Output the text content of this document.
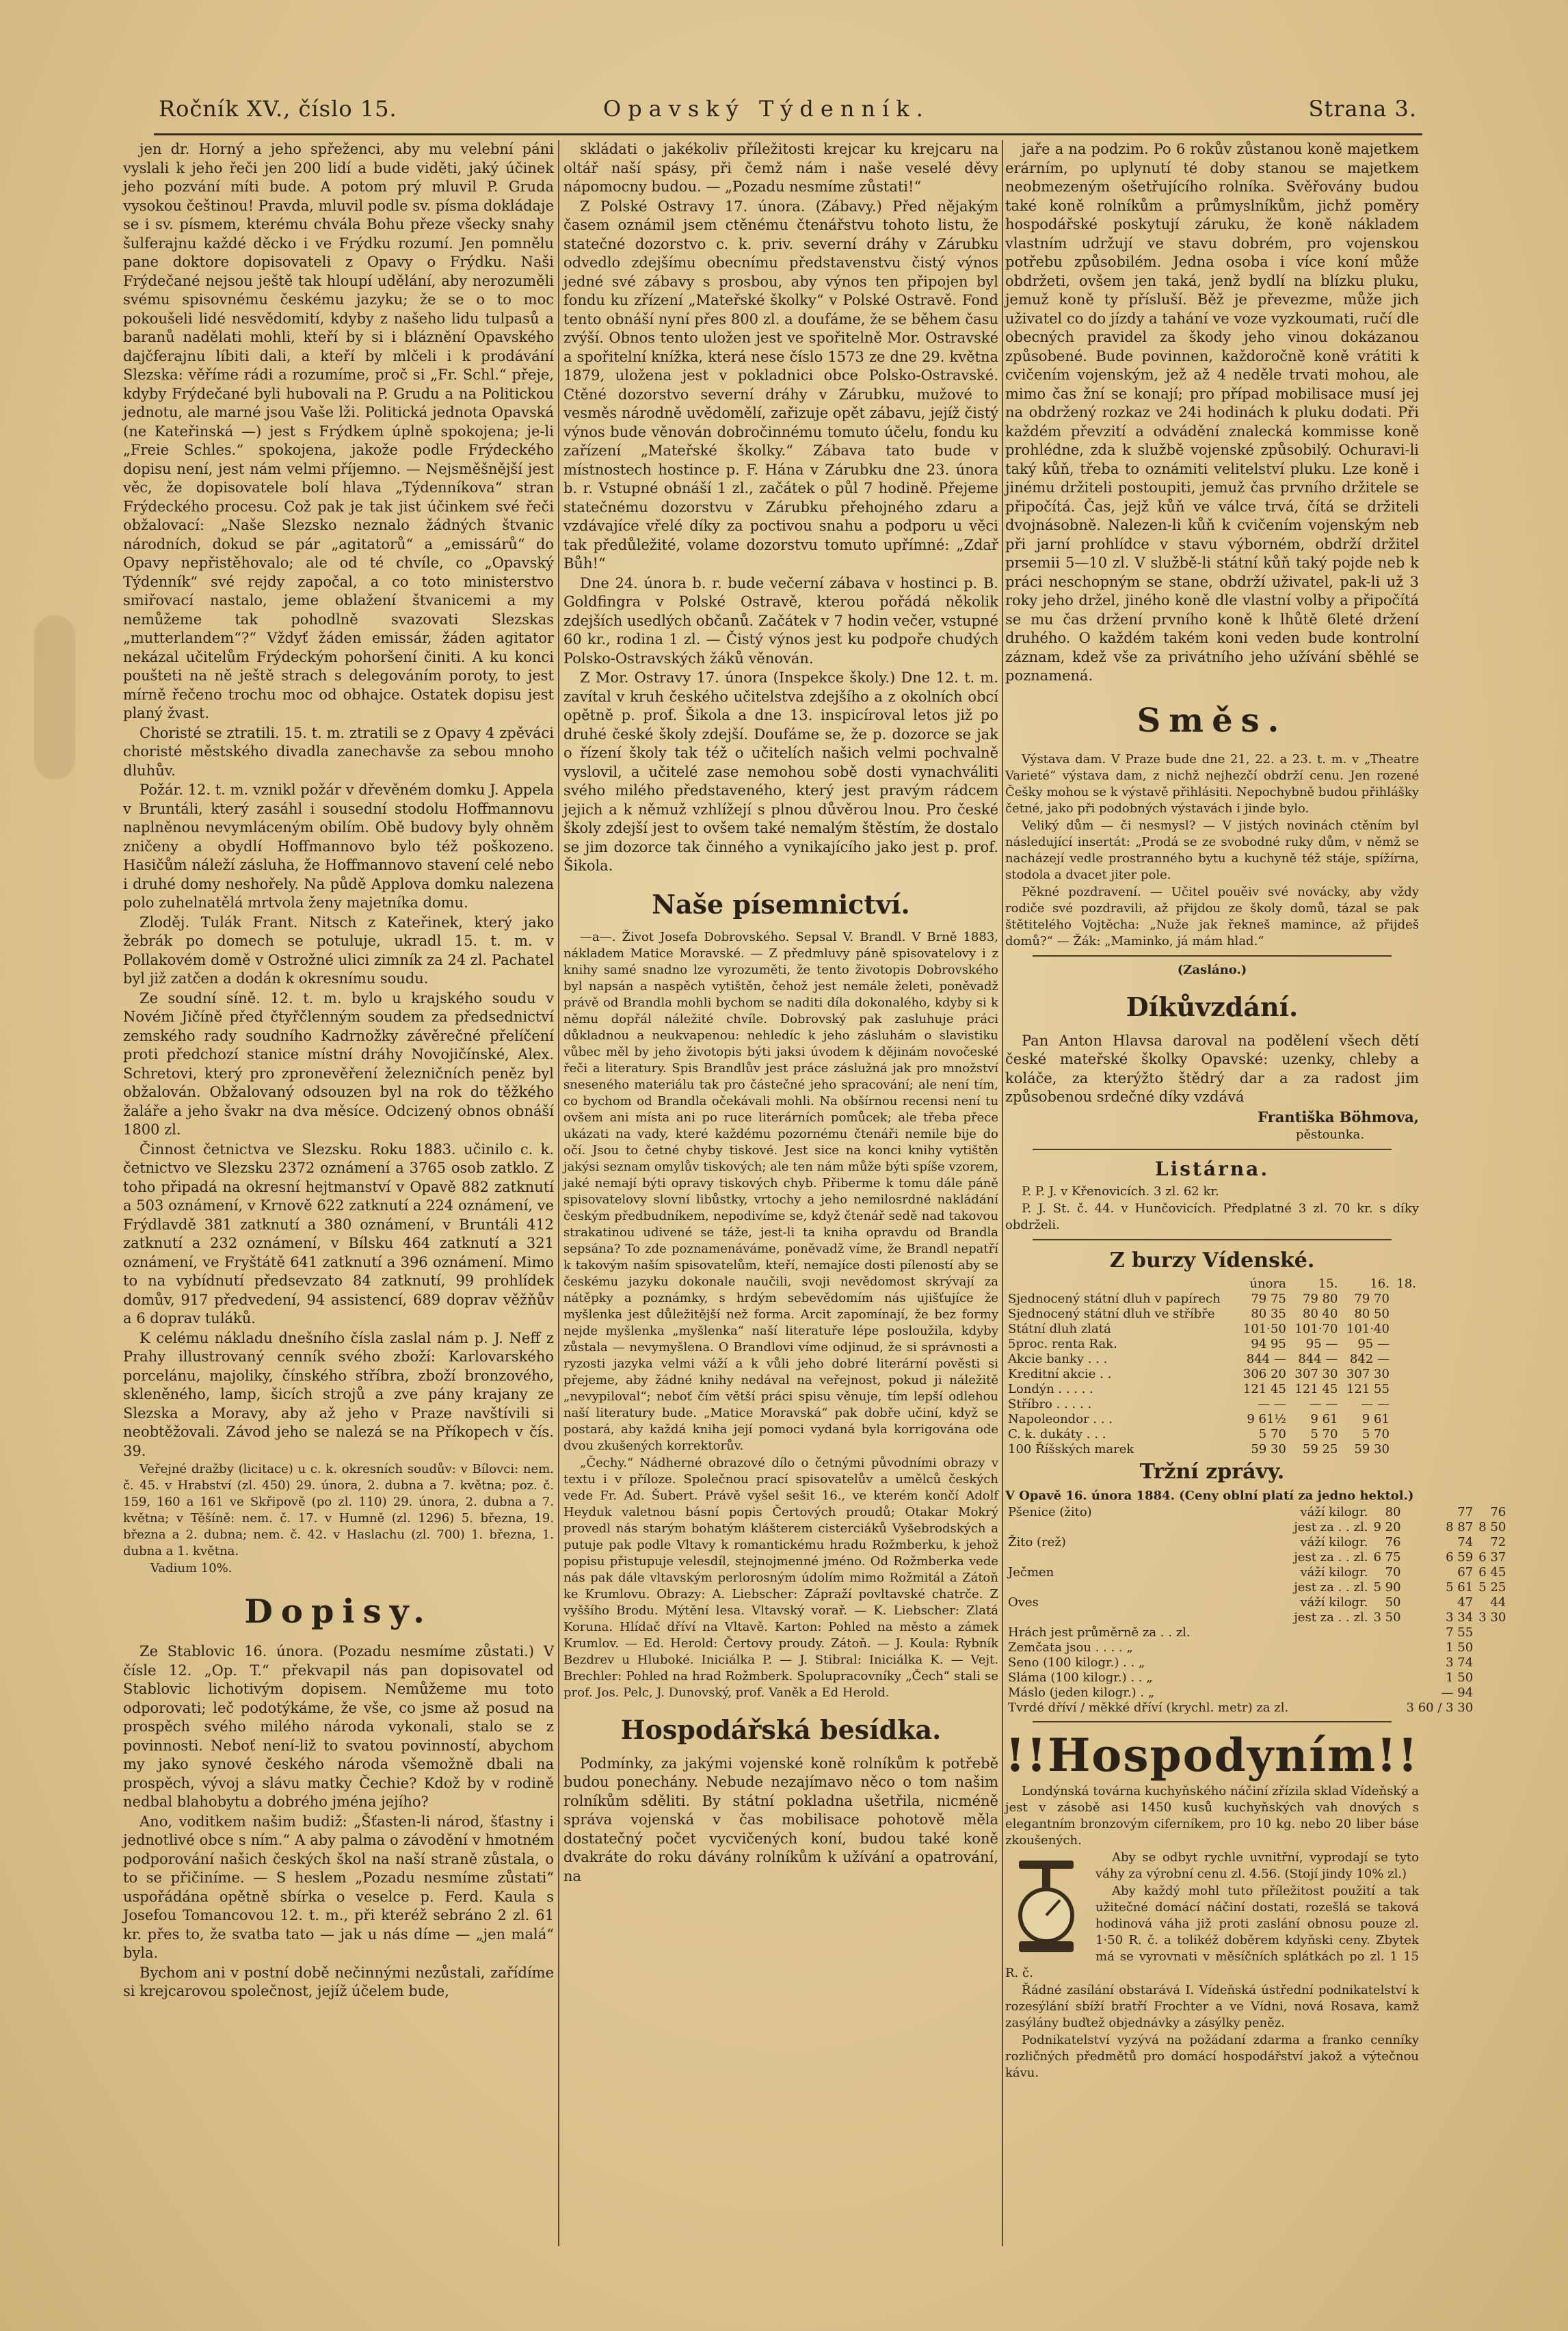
Ročník XV., číslo 15.	Opavský Týdenník.	Strana 3.

jen dr. Horný a jeho spřeženci, aby mu velební páni vyslali k jeho řeči jen 200 lidí a bude viděti, jaký účinek jeho pozvání míti bude. A potom prý mluvil P. Gruda vysokou češtinou! Pravda, mluvil podle sv. písma dokládaje se i sv. písmem, kterému chvála Bohu přeze všecky snahy šulferajnu každé děcko i ve Frýdku rozumí. Jen pomnělu pane doktore dopisovateli z Opavy o Frýdku. Naši Frýdečané nejsou ještě tak hloupí udělání, aby nerozuměli svému spisovnému českému jazyku; že se o to moc pokoušeli lidé nesvědomití, kdyby z našeho lidu tulpasů a baranů nadělati mohli, kteří by si i bláznění Opavského dajčferajnu líbiti dali, a kteří by mlčeli i k prodávání Slezska: věříme rádi a rozumíme, proč si „Fr. Schl.“ přeje, kdyby Frýdečané byli hubovali na P. Grudu a na Politickou jednotu, ale marné jsou Vaše lži. Politická jednota Opavská (ne Kateřinská —) jest s Frýdkem úplně spokojena; je-li „Freie Schles.“ spokojena, jakože podle Frýdeckého dopisu není, jest nám velmi příjemno. — Nejsměšnější jest věc, že dopisovatele bolí hlava „Týdenníkova“ stran Frýdeckého procesu. Což pak je tak jist účinkem své řeči obžalovací: „Naše Slezsko neznalo žádných štvanic národních, dokud se pár „agitatorů“ a „emissárů“ do Opavy nepřistěhovalo; ale od té chvíle, co „Opavský Týdenník“ své rejdy započal, a co toto ministerstvo smiřovací nastalo, jeme oblažení štvanicemi a my nemůžeme tak pohodlně svazovati Slezskas „mutterlandem“?“ Vždyť žáden emissár, žáden agitator nekázal učitelům Frýdeckým pohoršení činiti. A ku konci poušteti na ně ještě strach s delegováním poroty, to jest mírně řečeno trochu moc od obhajce. Ostatek dopisu jest planý žvast.

Choristé se ztratili. 15. t. m. ztratili se z Opavy 4 zpěváci choristé městského divadla zanechavše za sebou mnoho dluhův.

Požár. 12. t. m. vznikl požár v dřevěném domku J. Appela v Bruntáli, který zasáhl i sousední stodolu Hoffmannovu naplněnou nevymláceným obilím. Obě budovy byly ohněm zničeny a obydlí Hoffmannovo bylo též poškozeno. Hasičům náleží zásluha, že Hoffmannovo stavení celé nebo i druhé domy neshořely. Na půdě Applova domku nalezena polo zuhelnatělá mrtvola ženy majetníka domu.

Zloděj. Tulák Frant. Nitsch z Kateřinek, který jako žebrák po domech se potuluje, ukradl 15. t. m. v Pollakovém domě v Ostrožné ulici zimník za 24 zl. Pachatel byl již zatčen a dodán k okresnímu soudu.

Ze soudní síně. 12. t. m. bylo u krajského soudu v Novém Jičíně před čtyřčlenným soudem za předsednictví zemského rady soudního Kadrnožky závěrečné přelíčení proti předchozí stanice místní dráhy Novojičínské, Alex. Schretovi, který pro zpronevěření železničních peněz byl obžalován. Obžalovaný odsouzen byl na rok do těžkého žaláře a jeho švakr na dva měsíce. Odcizený obnos obnáší 1800 zl.

Činnost četnictva ve Slezsku. Roku 1883. učinilo c. k. četnictvo ve Slezsku 2372 oznámení a 3765 osob zatklo. Z toho připadá na okresní hejtmanství v Opavě 882 zatknutí a 503 oznámení, v Krnově 622 zatknutí a 224 oznámení, ve Frýdlavdě 381 zatknutí a 380 oznámení, v Bruntáli 412 zatknutí a 232 oznámení, v Bílsku 464 zatknutí a 321 oznámení, ve Fryštátě 641 zatknutí a 396 oznámení. Mimo to na vybídnutí předsevzato 84 zatknutí, 99 prohlídek domův, 917 předvedení, 94 assistencí, 689 doprav věžňův a 6 doprav tuláků.

K celému nákladu dnešního čísla zaslal nám p. J. Neff z Prahy illustrovaný cenník svého zboží: Karlovarského porcelánu, majoliky, čínského stříbra, zboží bronzového, skleněného, lamp, šicích strojů a zve pány krajany ze Slezska a Moravy, aby až jeho v Praze navštívili si neobtěžovali. Závod jeho se nalezá se na Příkopech v čís. 39.

Veřejné dražby (licitace) u c. k. okresních soudův: v Bílovci: nem. č. 45. v Hrabství (zl. 450) 29. února, 2. dubna a 7. května; poz. č. 159, 160 a 161 ve Skřipově (po zl. 110) 29. února, 2. dubna a 7. května; v Těšíně: nem. č. 17. v Humně (zl. 1296) 5. března, 19. března a 2. dubna; nem. č. 42. v Haslachu (zl. 700) 1. března, 1. dubna a 1. května.

Vadium 10%.

Dopisy.

Ze Stablovic 16. února. (Pozadu nesmíme zůstati.) V čísle 12. „Op. T.“ překvapil nás pan dopisovatel od Stablovic lichotivým dopisem. Nemůžeme mu toto odporovati; leč podotýkáme, že vše, co jsme až posud na prospěch svého milého národa vykonali, stalo se z povinnosti. Neboť není-liž to svatou povinností, abychom my jako synové českého národa všemožně dbali na prospěch, vývoj a slávu matky Čechie? Kdož by v rodině nedbal blahobytu a dobrého jména jejího?

Ano, voditkem našim budiž: „Šťasten-li národ, šťastny i jednotlivé obce s ním.“ A aby palma o závodění v hmotném podporování našich českých škol na naší straně zůstala, o to se přičiníme. — S heslem „Pozadu nesmíme zůstati“ uspořádána opětně sbírka o veselce p. Ferd. Kaula s Josefou Tomancovou 12. t. m., při kteréž sebráno 2 zl. 61 kr. přes to, že svatba tato — jak u nás díme — „jen malá“ byla.

Bychom ani v postní době nečinnými nezůstali, zařídíme si krejcarovou společnost, jejíž účelem bude,

skládati o jakékoliv příležitosti krejcar ku krejcaru na oltář naší spásy, při čemž nám i naše veselé děvy nápomocny budou. — „Pozadu nesmíme zůstati!“

Z Polské Ostravy 17. února. (Zábavy.) Před nějakým časem oznámil jsem ctěnému čtenářstvu tohoto listu, že statečné dozorstvo c. k. priv. severní dráhy v Zárubku odvedlo zdejšímu obecnímu představenstvu čistý výnos jedné své zábavy s prosbou, aby výnos ten připojen byl fondu ku zřízení „Mateřské školky“ v Polské Ostravě. Fond tento obnáší nyní přes 800 zl. a doufáme, že se během času zvýší. Obnos tento uložen jest ve spořitelně Mor. Ostravské a spořitelní knížka, která nese číslo 1573 ze dne 29. května 1879, uložena jest v pokladnici obce Polsko-Ostravské. Ctěné dozorstvo severní dráhy v Zárubku, mužové to vesměs národně uvědomělí, zařizuje opět zábavu, jejíž čistý výnos bude věnován dobročinnému tomuto účelu, fondu ku zařízení „Mateřské školky.“ Zábava tato bude v místnostech hostince p. F. Hána v Zárubku dne 23. února b. r. Vstupné obnáší 1 zl., začátek o půl 7 hodině. Přejeme statečnému dozorstvu v Zárubku přehojného zdaru a vzdávajíce vřelé díky za poctivou snahu a podporu u věci tak předůležité, volame dozorstvu tomuto upřímné: „Zdař Bůh!“

Dne 24. února b. r. bude večerní zábava v hostinci p. B. Goldfingra v Polské Ostravě, kterou pořádá několik zdejších usedlých občanů. Začátek v 7 hodin večer, vstupné 60 kr., rodina 1 zl. — Čistý výnos jest ku podpoře chudých Polsko-Ostravských žáků věnován.

Z Mor. Ostravy 17. února (Inspekce školy.) Dne 12. t. m. zavítal v kruh českého učitelstva zdejšího a z okolních obcí opětně p. prof. Šikola a dne 13. inspicíroval letos již po druhé české školy zdejší. Doufáme se, že p. dozorce se jak o řízení školy tak též o učitelích našich velmi pochvalně vyslovil, a učitelé zase nemohou sobě dosti vynachváliti svého milého představeného, který jest pravým rádcem jejich a k němuž vzhlížejí s plnou důvěrou lnou. Pro české školy zdejší jest to ovšem také nemalým štěstím, že dostalo se jim dozorce tak činného a vynikajícího jako jest p. prof. Šikola.

Naše písemnictví.

—a—. Život Josefa Dobrovského. Sepsal V. Brandl. V Brně 1883, nákladem Matice Moravské. — Z předmluvy páně spisovatelovy i z knihy samé snadno lze vyrozuměti, že tento životopis Dobrovského byl napsán a naspěch vytištěn, čehož jest nemále želeti, poněvadž právě od Brandla mohli bychom se naditi díla dokonalého, kdyby si k němu dopřál náležité chvíle. Dobrovský pak zasluhuje práci důkladnou a neukvapenou: nehledíc k jeho zásluhám o slavistiku vůbec měl by jeho životopis býti jaksi úvodem k dějinám novočeské řeči a literatury. Spis Brandlův jest práce záslužná jak pro množství sneseného materiálu tak pro částečné jeho spracování; ale není tím, co bychom od Brandla očekávali mohli. Na obšírnou recensi není tu ovšem ani místa ani po ruce literárních pomůcek; ale třeba přece ukázati na vady, které každému pozornému čtenáři nemile bije do očí. Jsou to četné chyby tiskové. Jest sice na konci knihy vytištěn jakýsi seznam omylův tiskových; ale ten nám může býti spíše vzorem, jaké nemají býti opravy tiskových chyb. Přiberme k tomu dále páně spisovatelovy slovní libůstky, vrtochy a jeho nemilosrdné nakládání českým předbudníkem, nepodivíme se, když čtenář sedě nad takovou strakatinou udivené se táže, jest-li ta kniha opravdu od Brandla sepsána? To zde poznamenáváme, poněvadž víme, že Brandl nepatří k takovým naším spisovatelům, kteří, nemajíce dosti píleností aby se českému jazyku dokonale naučili, svoji nevědomost skrývají za nátěpky a poznámky, s hrdým sebevědomím nás ujišťujíce že myšlenka jest důležitější než forma. Arcit zapomínají, že bez formy nejde myšlenka „myšlenka“ naší literatuře lépe posloužila, kdyby zůstala — nevymyšlena. O Brandlovi víme odjinud, že si správnosti a ryzosti jazyka velmi váží a k vůli jeho dobré literární pověsti si přejeme, aby žádné knihy nedával na veřejnost, pokud ji náležitě „nevypiloval“; neboť čím větší práci spisu věnuje, tím lepší odlehou naší literatury bude. „Matice Moravská“ pak dobře učiní, když se postará, aby každá kniha její pomoci vydaná byla korrigována ode dvou zkušených korrektorův.

„Čechy.“ Nádherné obrazové dílo o četnými původními obrazy v textu i v příloze. Společnou prací spisovatelův a umělců českých vede Fr. Ad. Šubert. Právě vyšel sešit 16., ve kterém končí Adolf Heyduk valetnou básní popis Čertových proudů; Otakar Mokrý provedl nás starým bohatým klášterem cisterciáků Vyšebrodských a putuje pak podle Vltavy k romantickému hradu Rožmberku, k jehož popisu přistupuje velesdíl, stejnojmenné jméno. Od Rožmberka vede nás pak dále vltavským perlorosným údolím mimo Rožmitál a Zátoň ke Krumlovu. Obrazy: A. Liebscher: Zápraží povltavské chatrče. Z vyššího Brodu. Mýtění lesa. Vltavský vorař. — K. Liebscher: Zlatá Koruna. Hlídač dříví na Vltavě. Karton: Pohled na město a zámek Krumlov. — Ed. Herold: Čertovy proudy. Zátoň. — J. Koula: Rybník Bezdrev u Hluboké. Iniciálka P. — J. Stibral: Iniciálka K. — Vejt. Brechler: Pohled na hrad Rožmberk. Spolupracovníky „Čech“ stali se prof. Jos. Pelc, J. Dunovský, prof. Vaněk a Ed Herold.

Hospodářská besídka.

Podmínky, za jakými vojenské koně rolníkům k potřebě budou ponechány. Nebude nezajímavo něco o tom našim rolníkům sděliti. By státní pokladna ušetřila, nicméně správa vojenská v čas mobilisace pohotově měla dostatečný počet vycvičených koní, budou také koně dvakráte do roku dávány rolníkům k užívání a opatrování, na

jaře a na podzim. Po 6 rokův zůstanou koně majetkem erárním, po uplynutí té doby stanou se majetkem neobmezeným ošetřujícího rolníka. Svěřovány budou také koně rolníkům a průmyslníkům, jichž poměry hospodářské poskytují záruku, že koně nákladem vlastním udržují ve stavu dobrém, pro vojenskou potřebu způsobilém. Jedna osoba i více koní může obdržeti, ovšem jen taká, jenž bydlí na blízku pluku, jemuž koně ty přísluší. Běž je převezme, může jich uživatel co do jízdy a tahání ve voze vyzkoumati, ručí dle obecných pravidel za škody jeho vinou dokázanou způsobené. Bude povinnen, každoročně koně vrátiti k cvičením vojenským, jež až 4 neděle trvati mohou, ale mimo čas žní se konají; pro případ mobilisace musí jej na obdržený rozkaz ve 24i hodinách k pluku dodati. Při každém převzití a odvádění znalecká kommisse koně prohlédne, zda k službě vojenské způsobilý. Ochuravi-li taký kůň, třeba to oznámiti velitelství pluku. Lze koně i jinému držiteli postoupiti, jemuž čas prvního držitele se připočítá. Čas, jejž kůň ve válce trvá, čítá se držiteli dvojnásobně. Nalezen-li kůň k cvičením vojenským neb při jarní prohlídce v stavu výborném, obdrží držitel prsemii 5—10 zl. V službě-li státní kůň taký pojde neb k práci neschopným se stane, obdrží uživatel, pak-li už 3 roky jeho držel, jiného koně dle vlastní volby a připočítá se mu čas držení prvního koně k lhůtě 6leté držení druhého. O každém takém koni veden bude kontrolní záznam, kdež vše za privátního jeho užívání sběhlé se poznamená.

Směs.

Výstava dam. V Praze bude dne 21, 22. a 23. t. m. v „Theatre Varieté“ výstava dam, z nichž nejhezčí obdrží cenu. Jen rozené Češky mohou se k výstavě přihlásiti. Nepochybně budou přihlášky četné, jako při podobných výstavách i jinde bylo.

Veliký dům — či nesmysl? — V jistých novinách ctěním byl následující insertát: „Prodá se ze svobodné ruky dům, v němž se nacházejí vedle prostranného bytu a kuchyně též stáje, spížírna, stodola a dvacet jiter pole.

Pěkné pozdravení. — Učitel pouěiv své novácky, aby vždy rodiče své pozdravili, až přijdou ze školy domů, tázal se pak štětitelého Vojtěcha: „Nuže jak řekneš mamince, až přijdeš domů?“ — Žák: „Maminko, já mám hlad.“

(Zasláno.)

Díkůvzdání.

Pan Anton Hlavsa daroval na podělení všech dětí české mateřské školky Opavské: uzenky, chleby a koláče, za kterýžto štědrý dar a za radost jim způsobenou srdečné díky vzdává

Františka Böhmova,

pěstounka.

Listárna.

P. P. J. v Křenovicích. 3 zl. 62 kr.

P. J. St. č. 44. v Hunčovicích. Předplatné 3 zl. 70 kr. s díky obdrželi.

Z burzy Vídenské.

	února	15.	16.	18.
Sjednocený státní dluh v papírech	79 75	79 80	79 70	
Sjednocený státní dluh ve stříbře	80 35	80 40	80 50	
Státní dluh zlatá	101·50	101·70	101·40	
5proc. renta Rak.	94 95	95 —	95 —	
Akcie banky . . .	844 —	844 —	842 —	
Kreditní akcie . .	306 20	307 30	307 30	
Londýn . . . . .	121 45	121 45	121 55	
Stříbro . . . . .	— —	— —	— —	
Napoleondor . . .	9 61½	9 61	9 61	
C. k. dukáty . . .	5 70	5 70	5 70	
100 Říšských marek	59 30	59 25	59 30	

Tržní zprávy.

V Opavě 16. února 1884. (Ceny oblní platí za jedno hektol.)

Pšenice (žito)	váží kilogr.	80	77	76
	jest za . . zl.	9 20	8 87	8 50
Žito (rež)	váží kilogr.	76	74	72
	jest za . . zl.	6 75	6 59	6 37
Ječmen	váží kilogr.	70	67	6 45
	jest za . . zl.	5 90	5 61	5 25
Oves	váží kilogr.	50	47	44
	jest za . . zl.	3 50	3 34	3 30
Hrách jest průměrně za . . zl.			7 55	
Zemčata jsou . . . . „			1 50	
Seno (100 kilogr.) . . „			3 74	
Sláma (100 kilogr.) . . „			1 50	
Máslo (jeden kilogr.) . „			— 94	
Tvrdé dříví / měkké dříví (krychl. metr) za zl.			3 60 / 3 30	

!!Hospodyním!!

Londýnská továrna kuchyňského náčiní zřízila sklad Vídeňský a jest v zásobě asi 1450 kusů kuchyňských vah dnových s elegantním bronzovým ciferníkem, pro 10 kg. nebo 20 liber báse zkoušených.

Aby se odbyt rychle uvnitřní, vyprodají se tyto váhy za výrobní cenu zl. 4.56. (Stojí jindy 10% zl.)

Aby každý mohl tuto příležitost použití a tak užitečné domácí náčiní dostati, rozešlá se taková hodinová váha již proti zaslání obnosu pouze zl. 1·50 R. č. a tolikéž doběrem kdyňski ceny. Zbytek má se vyrovnati v měsíčních splátkách po zl. 1 15 R. č.

Řádné zasílání obstarává I. Vídeňská ústřední podnikatelství k rozesýlání sbíží bratří Frochter a ve Vídni, nová Rosava, kamž zasýlány buďtež objednávky a zásýlky peněz.

Podnikatelství vyzývá na požádaní zdarma a franko cenníky rozličných předmětů pro domácí hospodářství jakož a výtečnou kávu.
